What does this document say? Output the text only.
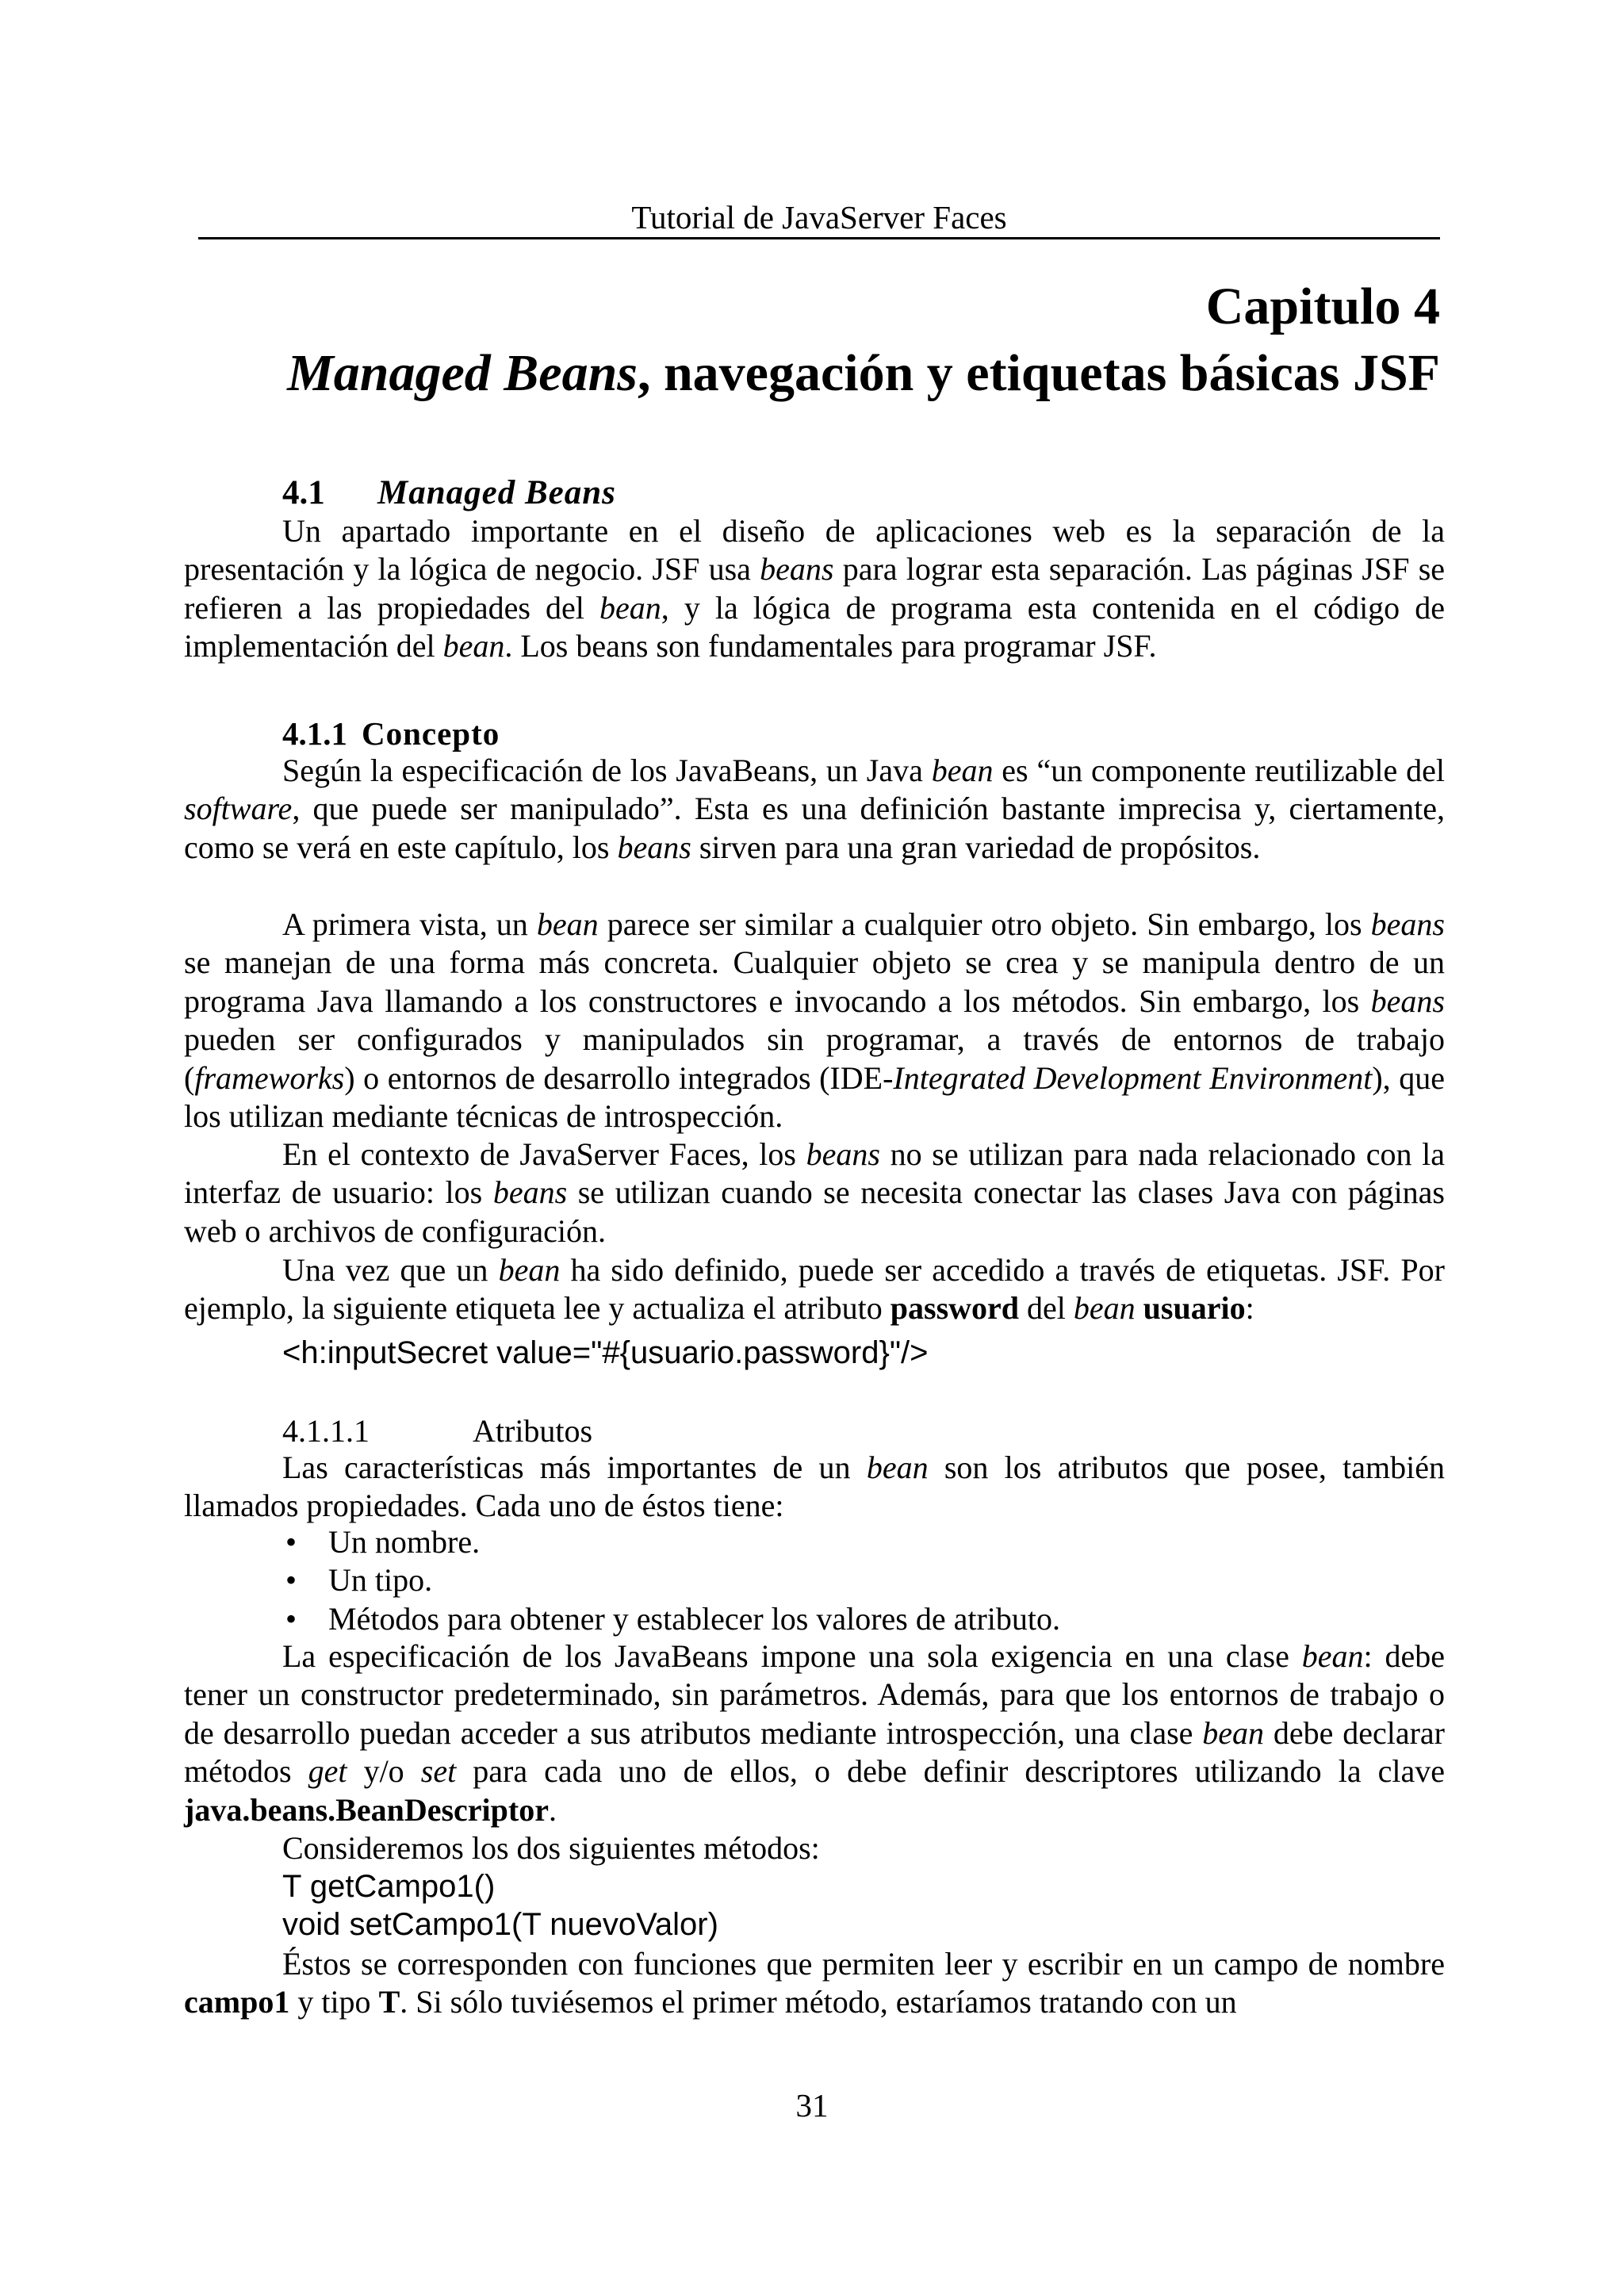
Tutorial de JavaServer Faces
Capitulo 4
Managed Beans, navegación y etiquetas básicas JSF
4.1 Managed Beans

Un apartado importante en el diseño de aplicaciones web es la separación de la presentación y la lógica de negocio. JSF usa beans para lograr esta separación. Las páginas JSF se refieren a las propiedades del bean, y la lógica de programa esta contenida en el código de implementación del bean. Los beans son fundamentales para programar JSF.

4.1.1 Concepto

Según la especificación de los JavaBeans, un Java bean es “un componente reutilizable del software, que puede ser manipulado”. Esta es una definición bastante imprecisa y, ciertamente, como se verá en este capítulo, los beans sirven para una gran variedad de propósitos.

A primera vista, un bean parece ser similar a cualquier otro objeto. Sin embargo, los beans se manejan de una forma más concreta. Cualquier objeto se crea y se manipula dentro de un programa Java llamando a los constructores e invocando a los métodos. Sin embargo, los beans pueden ser configurados y manipulados sin programar, a través de entornos de trabajo (frameworks) o entornos de desarrollo integrados (IDE-Integrated Development Environment), que los utilizan mediante técnicas de introspección.

En el contexto de JavaServer Faces, los beans no se utilizan para nada relacionado con la interfaz de usuario: los beans se utilizan cuando se necesita conectar las clases Java con páginas web o archivos de configuración.

Una vez que un bean ha sido definido, puede ser accedido a través de etiquetas. JSF. Por ejemplo, la siguiente etiqueta lee y actualiza el atributo password del bean usuario:

<h:inputSecret value="#{usuario.password}"/>
4.1.1.1	Atributos

Las características más importantes de un bean son los atributos que posee, también llamados propiedades. Cada uno de éstos tiene:

• Un nombre.
• Un tipo.
• Métodos para obtener y establecer los valores de atributo.

La especificación de los JavaBeans impone una sola exigencia en una clase bean: debe tener un constructor predeterminado, sin parámetros. Además, para que los entornos de trabajo o de desarrollo puedan acceder a sus atributos mediante introspección, una clase bean debe declarar métodos get y/o set para cada uno de ellos, o debe definir descriptores utilizando la clave java.beans.BeanDescriptor.

Consideremos los dos siguientes métodos:

T getCampo1()
void setCampo1(T nuevoValor)

Éstos se corresponden con funciones que permiten leer y escribir en un campo de nombre campo1 y tipo T. Si sólo tuviésemos el primer método, estaríamos tratando con un

31
